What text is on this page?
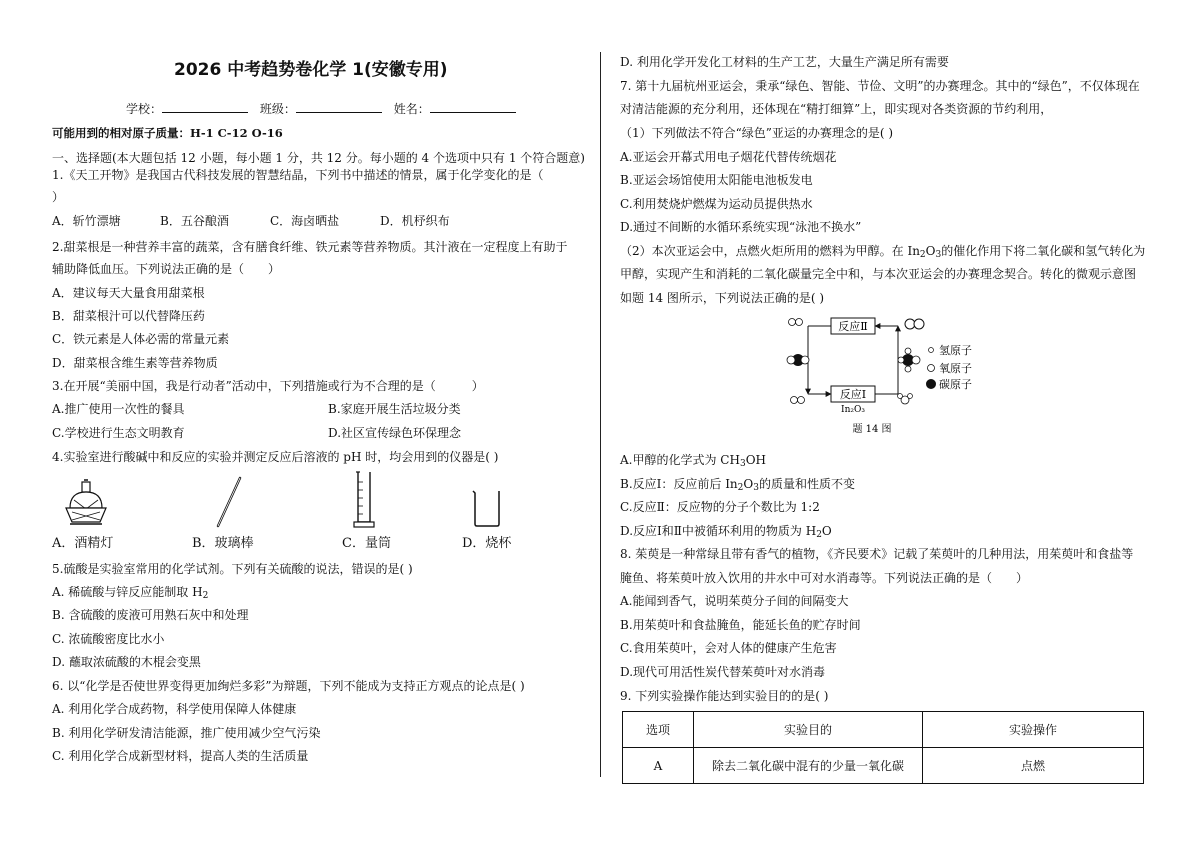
2026 中考趋势卷化学 1(安徽专用)
学校：	班级：	姓名：
可能用到的相对原子质量：H-1 C-12 O-16
一、选择题(本大题包括 12 小题，每小题 1 分，共 12 分。每小题的 4 个选项中只有 1 个符合题意)
1.《天工开物》是我国古代科技发展的智慧结晶，下列书中描述的情景，属于化学变化的是（
）
A．斩竹漂塘	B．五谷酿酒	C．海卤晒盐	D．机杼织布
2.甜菜根是一种营养丰富的蔬菜，含有膳食纤维、铁元素等营养物质。其汁液在一定程度上有助于
辅助降低血压。下列说法正确的是（　　）
A．建议每天大量食用甜菜根
B．甜菜根汁可以代替降压药
C．铁元素是人体必需的常量元素
D．甜菜根含维生素等营养物质
3.在开展“美丽中国，我是行动者”活动中，下列措施或行为不合理的是（　　　）
A.推广使用一次性的餐具	B.家庭开展生活垃圾分类
C.学校进行生态文明教育	D.社区宣传绿色环保理念
4.实验室进行酸碱中和反应的实验并测定反应后溶液的 pH 时，均会用到的仪器是( )
A．酒精灯	B．玻璃棒	C．量筒	D．烧杯
5.硫酸是实验室常用的化学试剂。下列有关硫酸的说法，错误的是( )
A. 稀硫酸与锌反应能制取 $H_2$
B. 含硫酸的废液可用熟石灰中和处理
C. 浓硫酸密度比水小
D. 蘸取浓硫酸的木棍会变黑
6. 以“化学是否使世界变得更加绚烂多彩”为辩题，下列不能成为支持正方观点的论点是( )
A. 利用化学合成药物，科学使用保障人体健康
B. 利用化学研发清洁能源，推广使用减少空气污染
C. 利用化学合成新型材料，提高人类的生活质量
D. 利用化学开发化工材料的生产工艺，大量生产满足所有需要
7. 第十九届杭州亚运会，秉承“绿色、智能、节俭、文明”的办赛理念。其中的“绿色”，不仅体现在
对清洁能源的充分利用，还体现在“精打细算”上，即实现对各类资源的节约利用，
（1）下列做法不符合“绿色”亚运的办赛理念的是( )
A.亚运会开幕式用电子烟花代替传统烟花
B.亚运会场馆使用太阳能电池板发电
C.利用焚烧炉燃煤为运动员提供热水
D.通过不间断的水循环系统实现“泳池不换水”
（2）本次亚运会中，点燃火炬所用的燃料为甲醇。在 $In_2O_3$的催化作用下将二氧化碳和氢气转化为
甲醇，实现产生和消耗的二氧化碳量完全中和，与本次亚运会的办赛理念契合。转化的微观示意图
如题 14 图所示，下列说法正确的是( )
反应Ⅱ
反应Ⅰ
In₂O₃
氢原子
氧原子
碳原子
题 14 图
A.甲醇的化学式为 $CH_3OH$
B.反应Ⅰ：反应前后 $In_2O_3$的质量和性质不变
C.反应Ⅱ：反应物的分子个数比为 1:2
D.反应Ⅰ和Ⅱ中被循环利用的物质为 $H_2O$
8. 茱萸是一种常绿且带有香气的植物，《齐民要术》记载了茱萸叶的几种用法，用茱萸叶和食盐等
腌鱼、将茱萸叶放入饮用的井水中可对水消毒等。下列说法正确的是（　　）
A.能闻到香气，说明茱萸分子间的间隔变大
B.用茱萸叶和食盐腌鱼，能延长鱼的贮存时间
C.食用茱萸叶，会对人体的健康产生危害
D.现代可用活性炭代替茱萸叶对水消毒
9. 下列实验操作能达到实验目的的是( )
选项	实验目的	实验操作
A	除去二氧化碳中混有的少量一氧化碳	点燃
